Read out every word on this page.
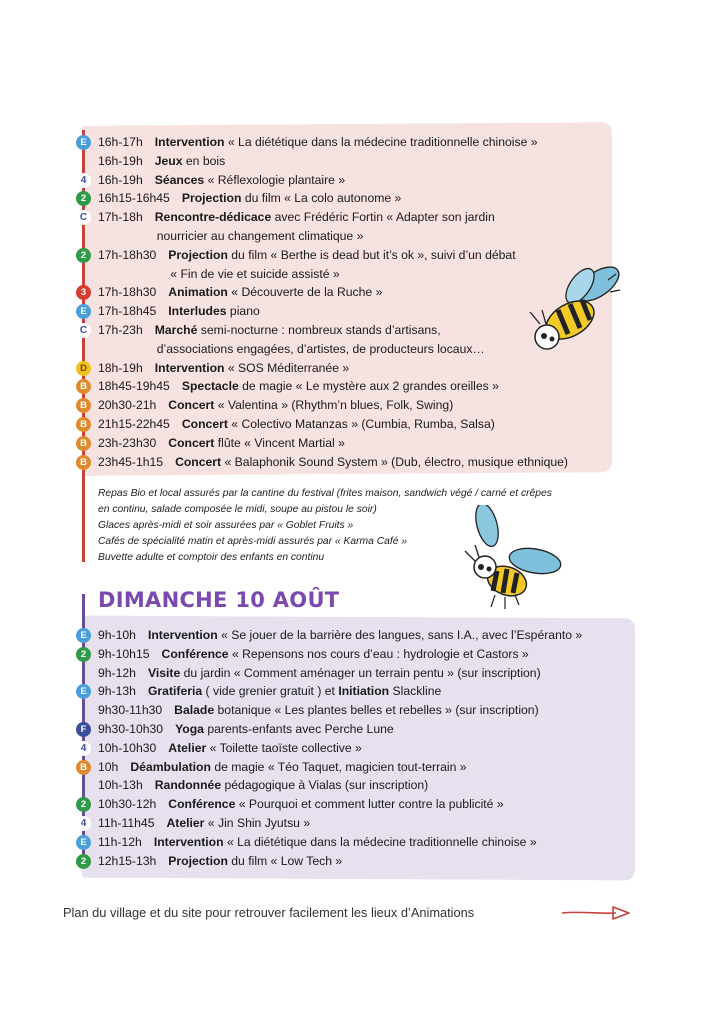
E 16h-17h Intervention « La diététique dans la médecine traditionnelle chinoise »
16h-19h Jeux en bois
4 16h-19h Séances « Réflexologie plantaire »
2 16h15-16h45 Projection du film « La colo autonome »
C 17h-18h Rencontre-dédicace avec Frédéric Fortin « Adapter son jardin
nourricier au changement climatique »
2 17h-18h30 Projection du film « Berthe is dead but it’s ok », suivi d’un débat
« Fin de vie et suicide assisté »
3 17h-18h30 Animation « Découverte de la Ruche »
E 17h-18h45 Interludes piano
C 17h-23h Marché semi-nocturne : nombreux stands d’artisans,
d’associations engagées, d’artistes, de producteurs locaux…
D 18h-19h Intervention « SOS Méditerranée »
B 18h45-19h45 Spectacle de magie « Le mystère aux 2 grandes oreilles »
B 20h30-21h Concert « Valentina » (Rhythm’n blues, Folk, Swing)
B 21h15-22h45 Concert « Colectivo Matanzas » (Cumbia, Rumba, Salsa)
B 23h-23h30 Concert flûte « Vincent Martial »
B 23h45-1h15 Concert « Balaphonik Sound System » (Dub, électro, musique ethnique)
Repas Bio et local assurés par la cantine du festival (frites maison, sandwich végé / carné et crêpes
en continu, salade composée le midi, soupe au pistou le soir)
Glaces après-midi et soir assurées par « Goblet Fruits »
Cafés de spécialité matin et après-midi assurés par « Karma Café »
Buvette adulte et comptoir des enfants en continu
DIMANCHE 10 AOÛT
E 9h-10h Intervention « Se jouer de la barrière des langues, sans I.A., avec l’Espéranto »
2 9h-10h15 Conférence « Repensons nos cours d’eau : hydrologie et Castors »
9h-12h Visite du jardin « Comment aménager un terrain pentu » (sur inscription)
E 9h-13h Gratiferia ( vide grenier gratuit ) et Initiation Slackline
9h30-11h30 Balade botanique « Les plantes belles et rebelles » (sur inscription)
F 9h30-10h30 Yoga parents-enfants avec Perche Lune
4 10h-10h30 Atelier « Toilette taoïste collective »
B 10h Déambulation de magie « Téo Taquet, magicien tout-terrain »
10h-13h Randonnée pédagogique à Vialas (sur inscription)
2 10h30-12h Conférence « Pourquoi et comment lutter contre la publicité »
4 11h-11h45 Atelier « Jin Shin Jyutsu »
E 11h-12h Intervention « La diététique dans la médecine traditionnelle chinoise »
2 12h15-13h Projection du film « Low Tech »
Plan du village et du site pour retrouver facilement les lieux d’Animations
